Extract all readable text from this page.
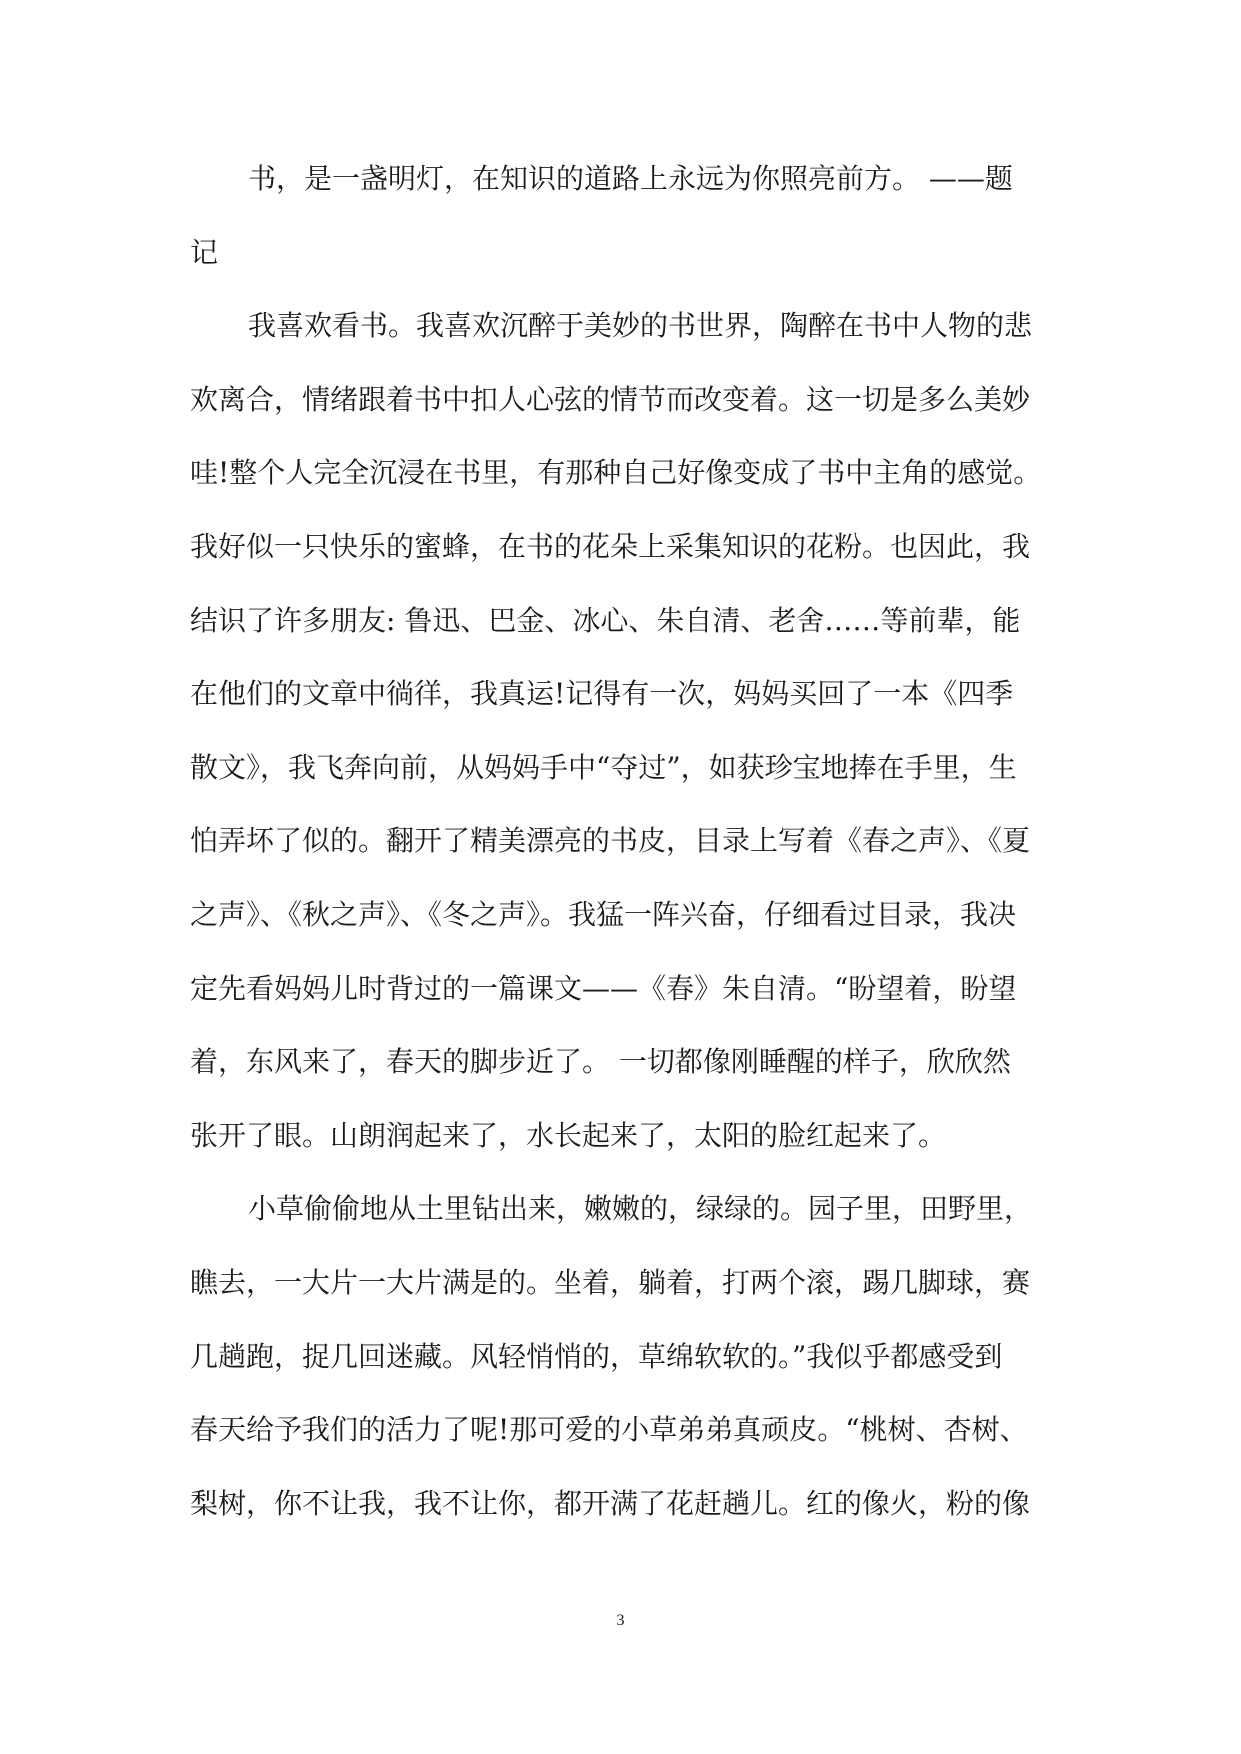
书，是一盏明灯，在知识的道路上永远为你照亮前方。 ——题

记

我喜欢看书。我喜欢沉醉于美妙的书世界，陶醉在书中人物的悲

欢离合，情绪跟着书中扣人心弦的情节而改变着。这一切是多么美妙

哇!整个人完全沉浸在书里，有那种自己好像变成了书中主角的感觉。

我好似一只快乐的蜜蜂，在书的花朵上采集知识的花粉。也因此，我

结识了许多朋友: 鲁迅、巴金、冰心、朱自清、老舍……等前辈，能

在他们的文章中徜徉，我真运!记得有一次，妈妈买回了一本《四季

散文》，我飞奔向前，从妈妈手中“夺过”，如获珍宝地捧在手里，生

怕弄坏了似的。翻开了精美漂亮的书皮，目录上写着《春之声》、《夏

之声》、《秋之声》、《冬之声》。我猛一阵兴奋，仔细看过目录，我决

定先看妈妈儿时背过的一篇课文——《春》朱自清。“盼望着，盼望

着，东风来了，春天的脚步近了。 一切都像刚睡醒的样子，欣欣然

张开了眼。山朗润起来了，水长起来了，太阳的脸红起来了。

小草偷偷地从土里钻出来，嫩嫩的，绿绿的。园子里，田野里，

瞧去，一大片一大片满是的。坐着，躺着，打两个滚，踢几脚球，赛

几趟跑，捉几回迷藏。风轻悄悄的，草绵软软的。”我似乎都感受到

春天给予我们的活力了呢!那可爱的小草弟弟真顽皮。“桃树、杏树、

梨树，你不让我，我不让你，都开满了花赶趟儿。红的像火，粉的像

3
